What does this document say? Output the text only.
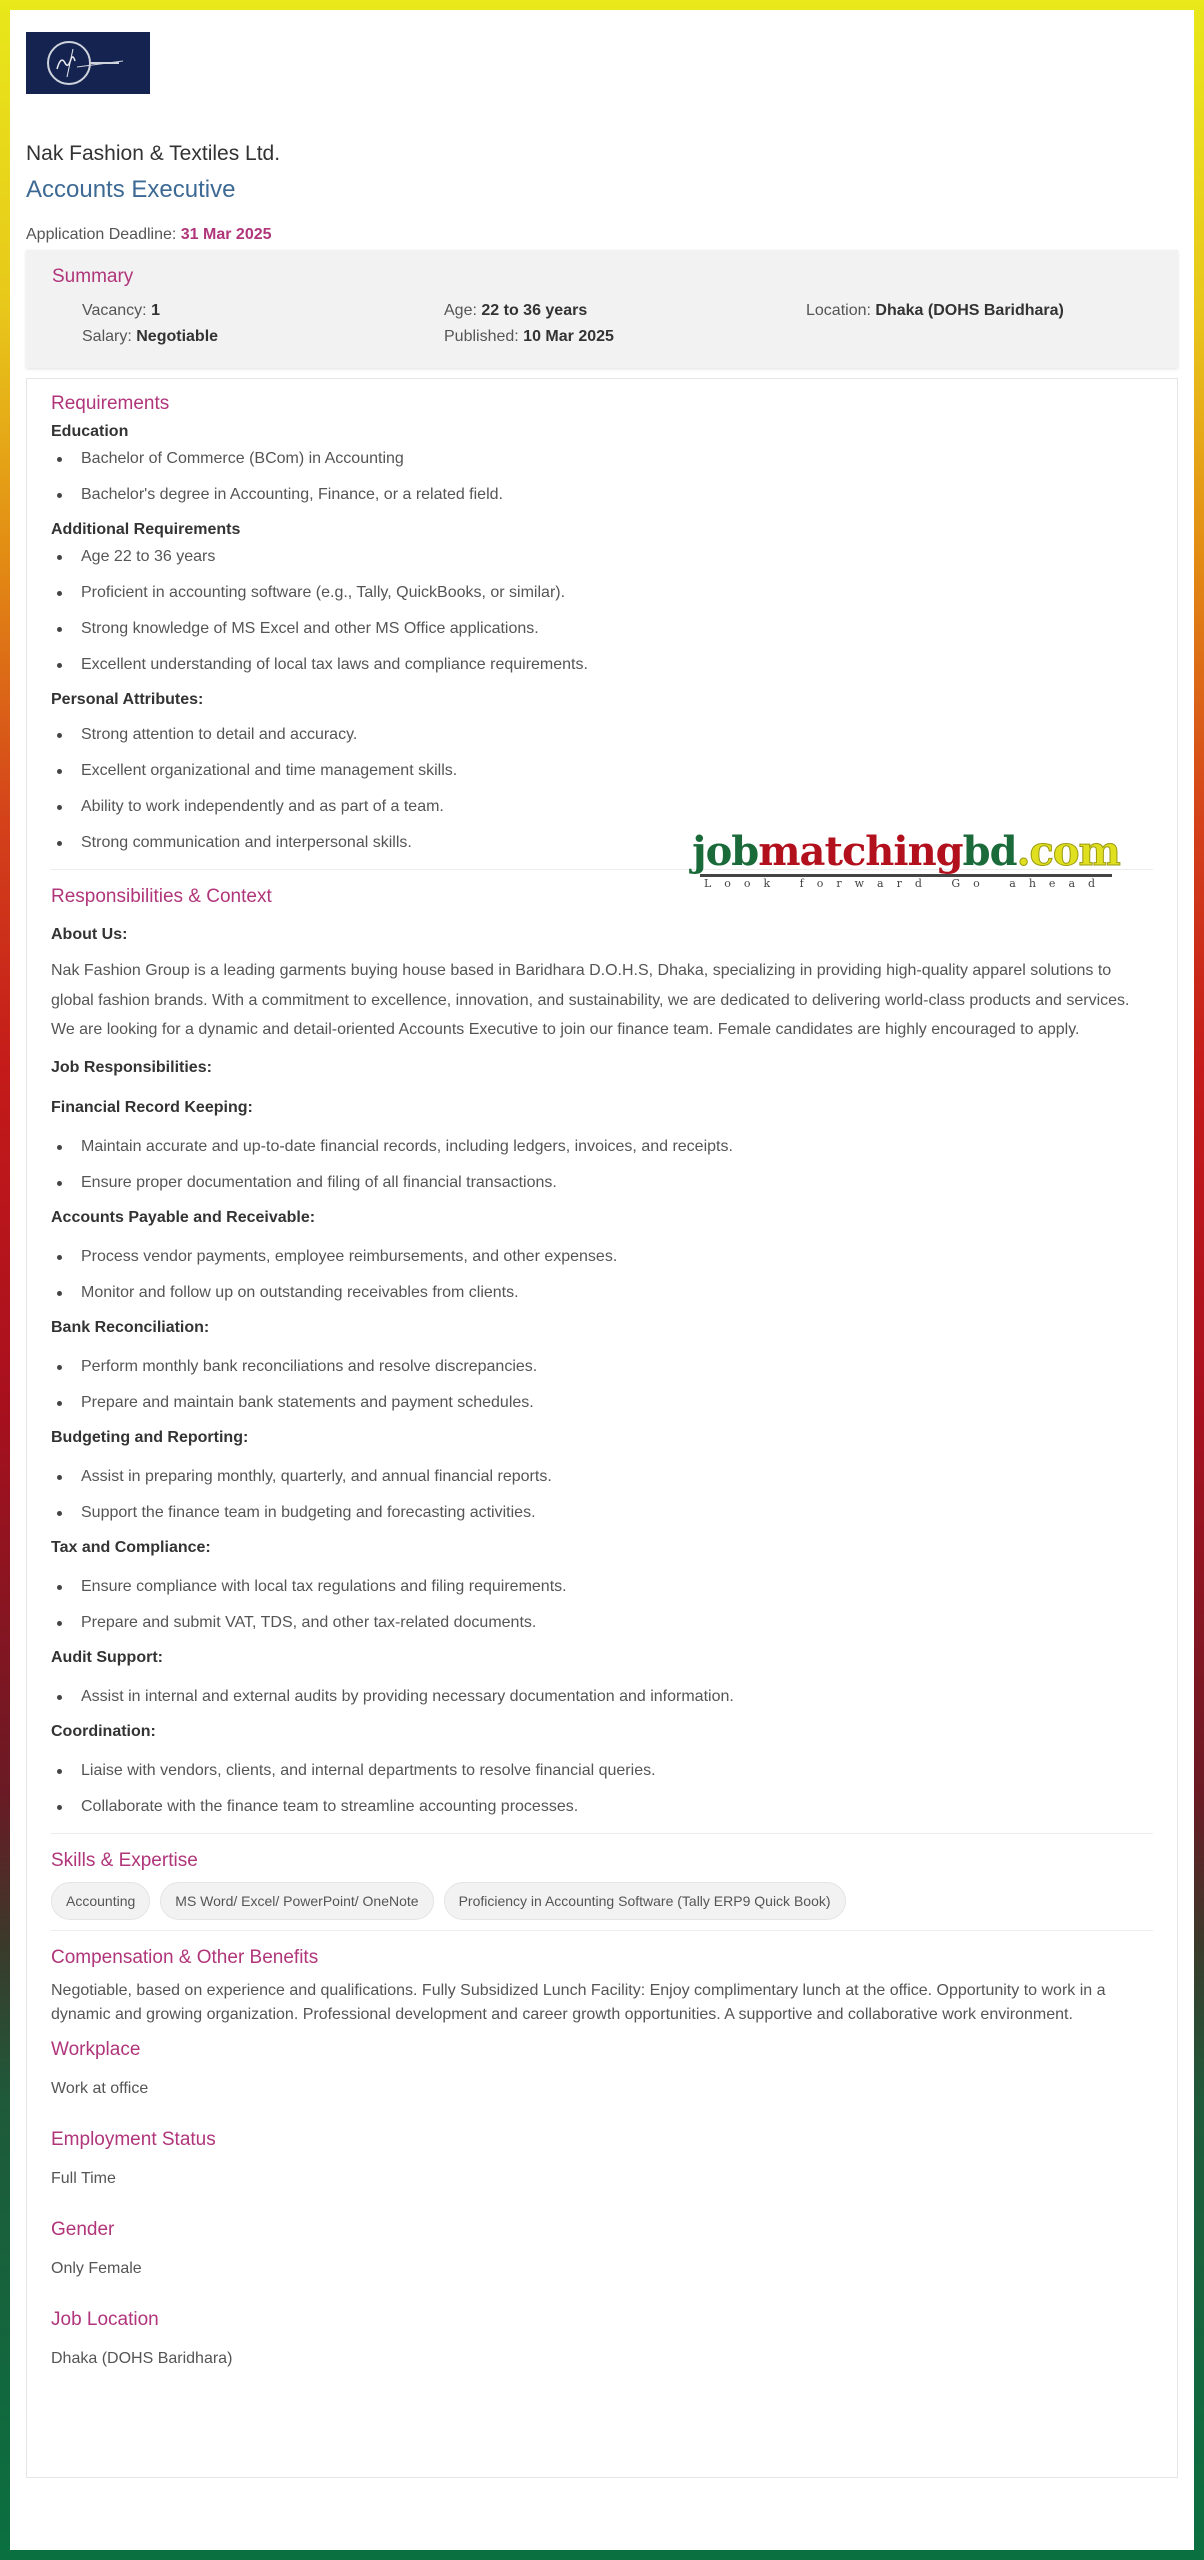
Nak Fashion & Textiles Ltd.
Accounts Executive
Application Deadline: 31 Mar 2025
Summary
Vacancy: 1	Age: 22 to 36 years	Location: Dhaka (DOHS Baridhara)
Salary: Negotiable	Published: 10 Mar 2025
Requirements
Education
Bachelor of Commerce (BCom) in Accounting
Bachelor's degree in Accounting, Finance, or a related field.
Additional Requirements
Age 22 to 36 years
Proficient in accounting software (e.g., Tally, QuickBooks, or similar).
Strong knowledge of MS Excel and other MS Office applications.
Excellent understanding of local tax laws and compliance requirements.
Personal Attributes:
Strong attention to detail and accuracy.
Excellent organizational and time management skills.
Ability to work independently and as part of a team.
Strong communication and interpersonal skills.
Responsibilities & Context
About Us:
Nak Fashion Group is a leading garments buying house based in Baridhara D.O.H.S, Dhaka, specializing in providing high-quality apparel solutions to global fashion brands. With a commitment to excellence, innovation, and sustainability, we are dedicated to delivering world-class products and services. We are looking for a dynamic and detail-oriented Accounts Executive to join our finance team. Female candidates are highly encouraged to apply.
Job Responsibilities:
Financial Record Keeping:
Maintain accurate and up-to-date financial records, including ledgers, invoices, and receipts.
Ensure proper documentation and filing of all financial transactions.
Accounts Payable and Receivable:
Process vendor payments, employee reimbursements, and other expenses.
Monitor and follow up on outstanding receivables from clients.
Bank Reconciliation:
Perform monthly bank reconciliations and resolve discrepancies.
Prepare and maintain bank statements and payment schedules.
Budgeting and Reporting:
Assist in preparing monthly, quarterly, and annual financial reports.
Support the finance team in budgeting and forecasting activities.
Tax and Compliance:
Ensure compliance with local tax regulations and filing requirements.
Prepare and submit VAT, TDS, and other tax-related documents.
Audit Support:
Assist in internal and external audits by providing necessary documentation and information.
Coordination:
Liaise with vendors, clients, and internal departments to resolve financial queries.
Collaborate with the finance team to streamline accounting processes.
Skills & Expertise
Accounting	MS Word/ Excel/ PowerPoint/ OneNote	Proficiency in Accounting Software (Tally ERP9 Quick Book)
Compensation & Other Benefits
Negotiable, based on experience and qualifications. Fully Subsidized Lunch Facility: Enjoy complimentary lunch at the office. Opportunity to work in a dynamic and growing organization. Professional development and career growth opportunities. A supportive and collaborative work environment.
Workplace
Work at office
Employment Status
Full Time
Gender
Only Female
Job Location
Dhaka (DOHS Baridhara)
jobmatchingbd.com
Look forward Go ahead
